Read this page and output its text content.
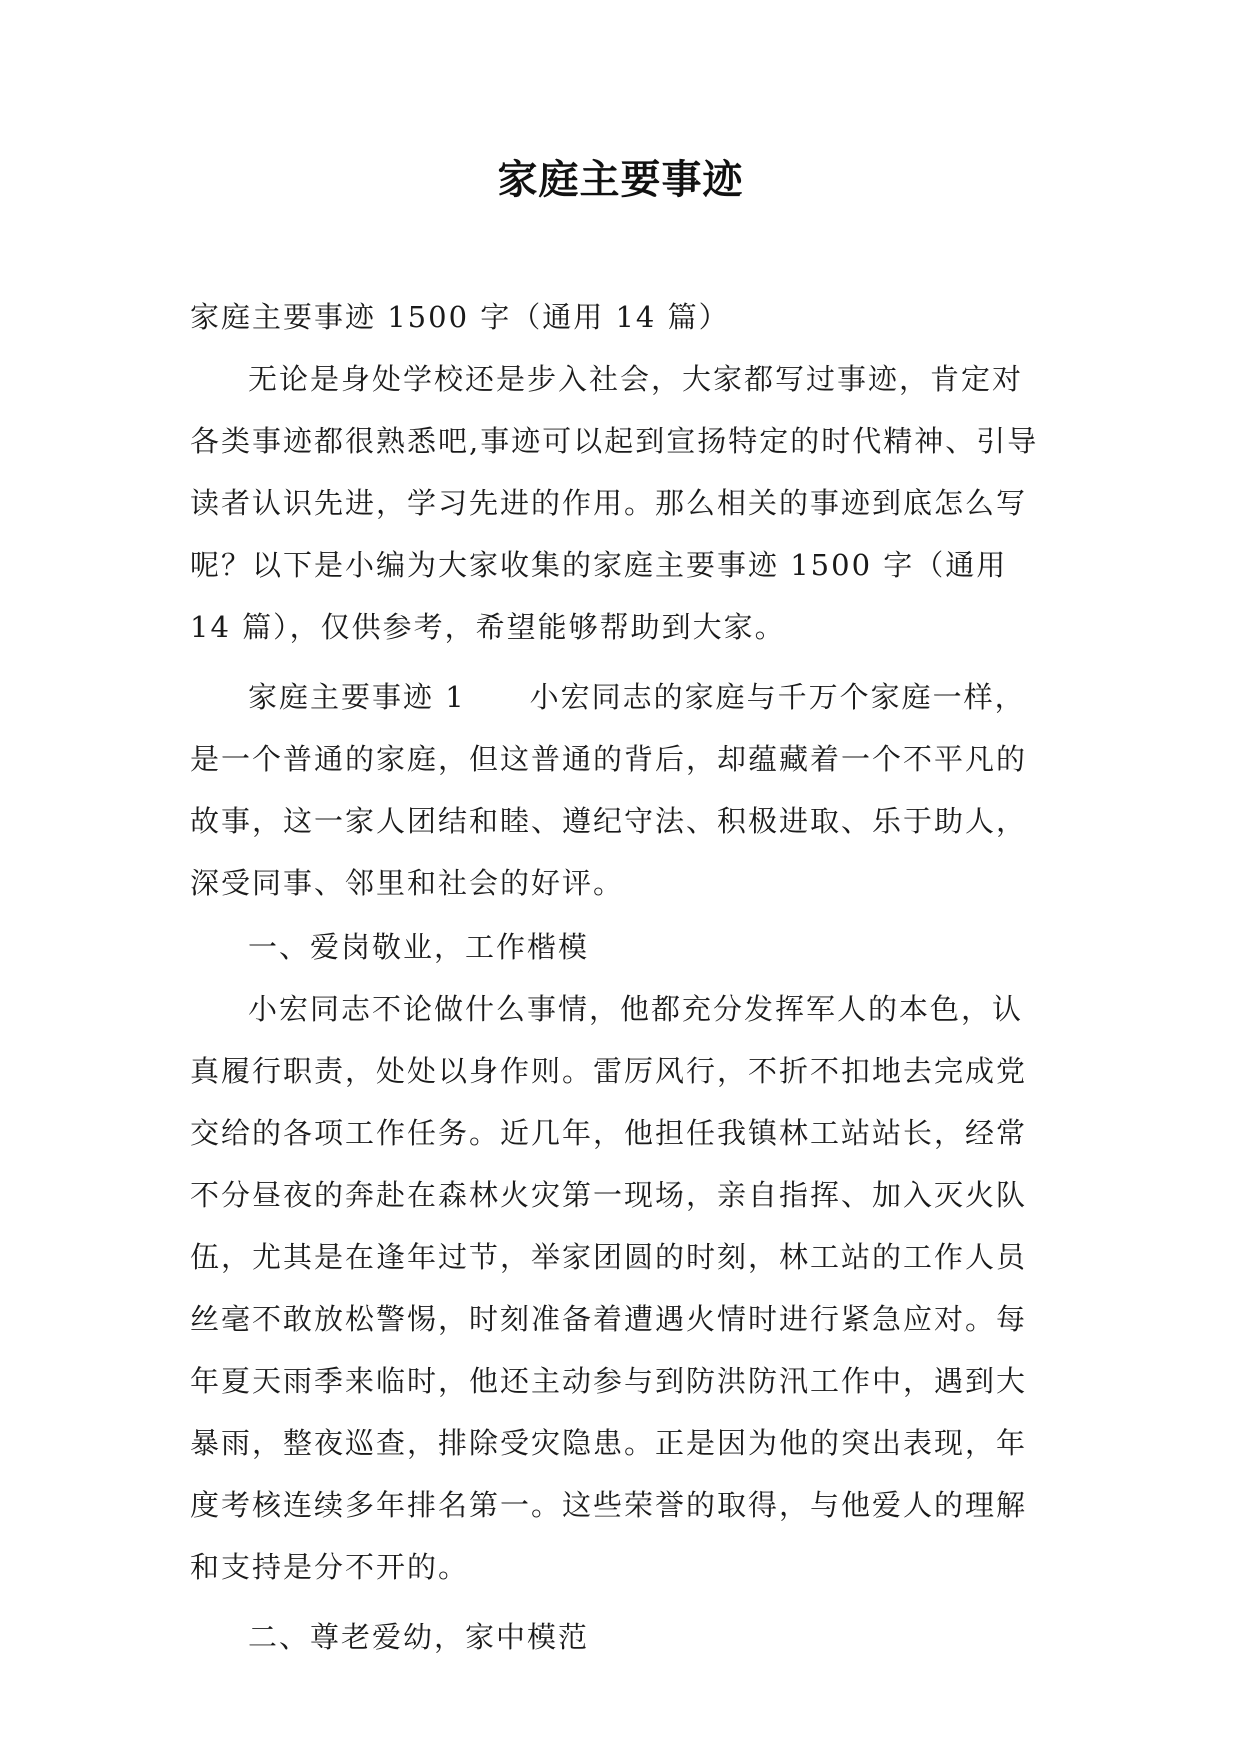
家庭主要事迹

家庭主要事迹 1500 字（通用 14 篇）

无论是身处学校还是步入社会，大家都写过事迹，肯定对各类事迹都很熟悉吧,事迹可以起到宣扬特定的时代精神、引导读者认识先进，学习先进的作用。那么相关的事迹到底怎么写呢？以下是小编为大家收集的家庭主要事迹 1500 字（通用 14 篇），仅供参考，希望能够帮助到大家。

家庭主要事迹 1 小宏同志的家庭与千万个家庭一样，是一个普通的家庭，但这普通的背后，却蕴藏着一个不平凡的故事，这一家人团结和睦、遵纪守法、积极进取、乐于助人，深受同事、邻里和社会的好评。

一、爱岗敬业，工作楷模

小宏同志不论做什么事情，他都充分发挥军人的本色，认真履行职责，处处以身作则。雷厉风行，不折不扣地去完成党交给的各项工作任务。近几年，他担任我镇林工站站长，经常不分昼夜的奔赴在森林火灾第一现场，亲自指挥、加入灭火队伍，尤其是在逢年过节，举家团圆的时刻，林工站的工作人员丝毫不敢放松警惕，时刻准备着遭遇火情时进行紧急应对。每年夏天雨季来临时，他还主动参与到防洪防汛工作中，遇到大暴雨，整夜巡查，排除受灾隐患。正是因为他的突出表现，年度考核连续多年排名第一。这些荣誉的取得，与他爱人的理解和支持是分不开的。

二、尊老爱幼，家中模范
